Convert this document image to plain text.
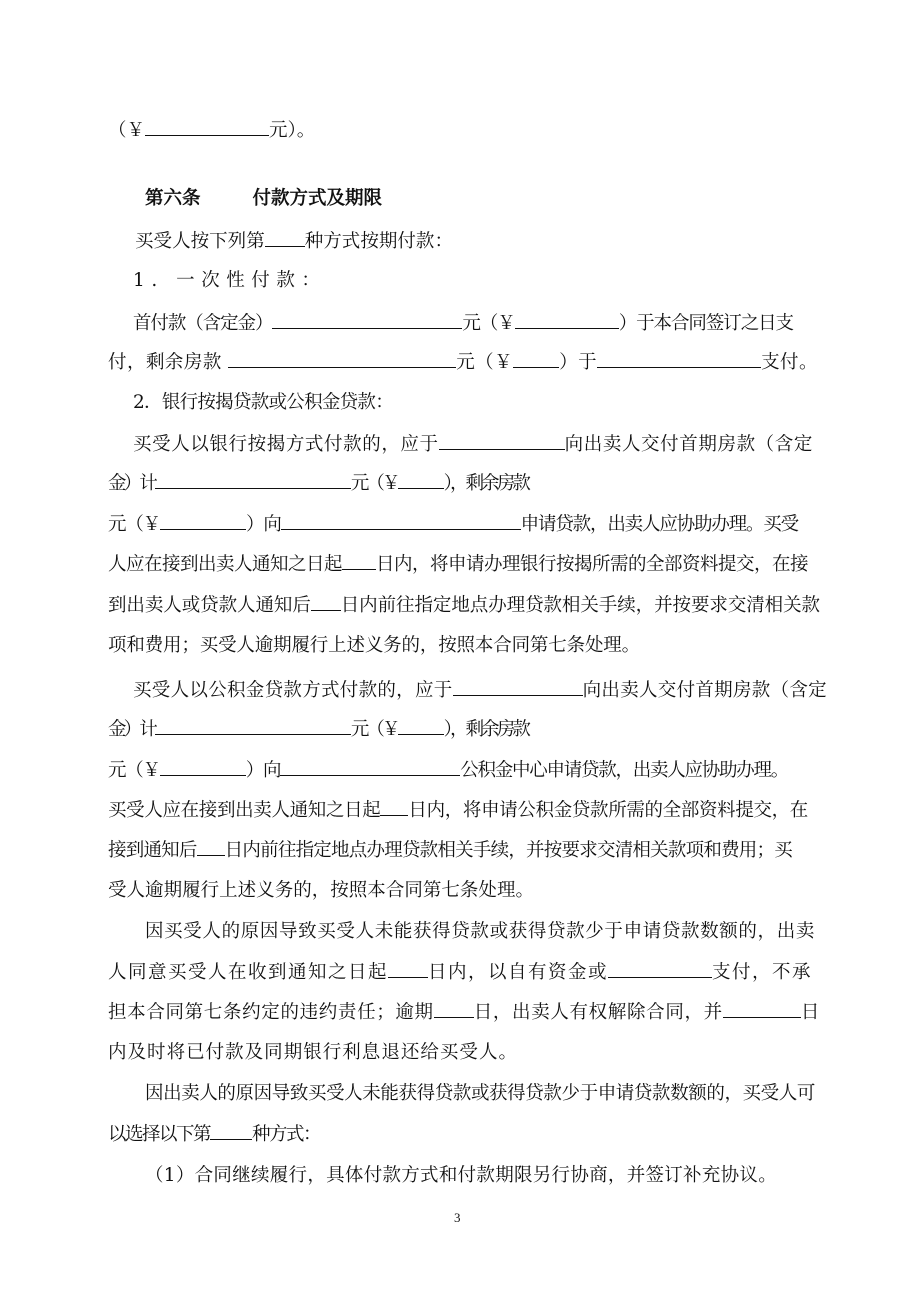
（￥	元）。
第六条	付款方式及期限
买受人按下列第 种方式按期付款：
1. 一次性付款：
首付款（含定金）	元（￥	）于本合同签订之日支
付，剩余房款	元（￥ ）于	支付。
2．银行按揭贷款或公积金贷款：
买受人以银行按揭方式付款的，应于	向出卖人交付首期房款（含定
金）计	元（￥ ），剩余房款
元（￥	）向	申请贷款，出卖人应协助办理。买受
人应在接到出卖人通知之日起 日内，将申请办理银行按揭所需的全部资料提交，在接
到出卖人或贷款人通知后 日内前往指定地点办理贷款相关手续，并按要求交清相关款
项和费用；买受人逾期履行上述义务的，按照本合同第七条处理。
买受人以公积金贷款方式付款的，应于	向出卖人交付首期房款（含定
金）计	元（￥ ），剩余房款
元（￥	）向	公积金中心申请贷款，出卖人应协助办理。
买受人应在接到出卖人通知之日起 日内，将申请公积金贷款所需的全部资料提交，在
接到通知后 日内前往指定地点办理贷款相关手续，并按要求交清相关款项和费用；买
受人逾期履行上述义务的，按照本合同第七条处理。
因买受人的原因导致买受人未能获得贷款或获得贷款少于申请贷款数额的，出卖
人同意买受人在收到通知之日起 日内，以自有资金或	支付，不承
担本合同第七条约定的违约责任；逾期 日，出卖人有权解除合同，并	日
内及时将已付款及同期银行利息退还给买受人。
因出卖人的原因导致买受人未能获得贷款或获得贷款少于申请贷款数额的，买受人可
以选择以下第 种方式：
（1）合同继续履行，具体付款方式和付款期限另行协商，并签订补充协议。
3
